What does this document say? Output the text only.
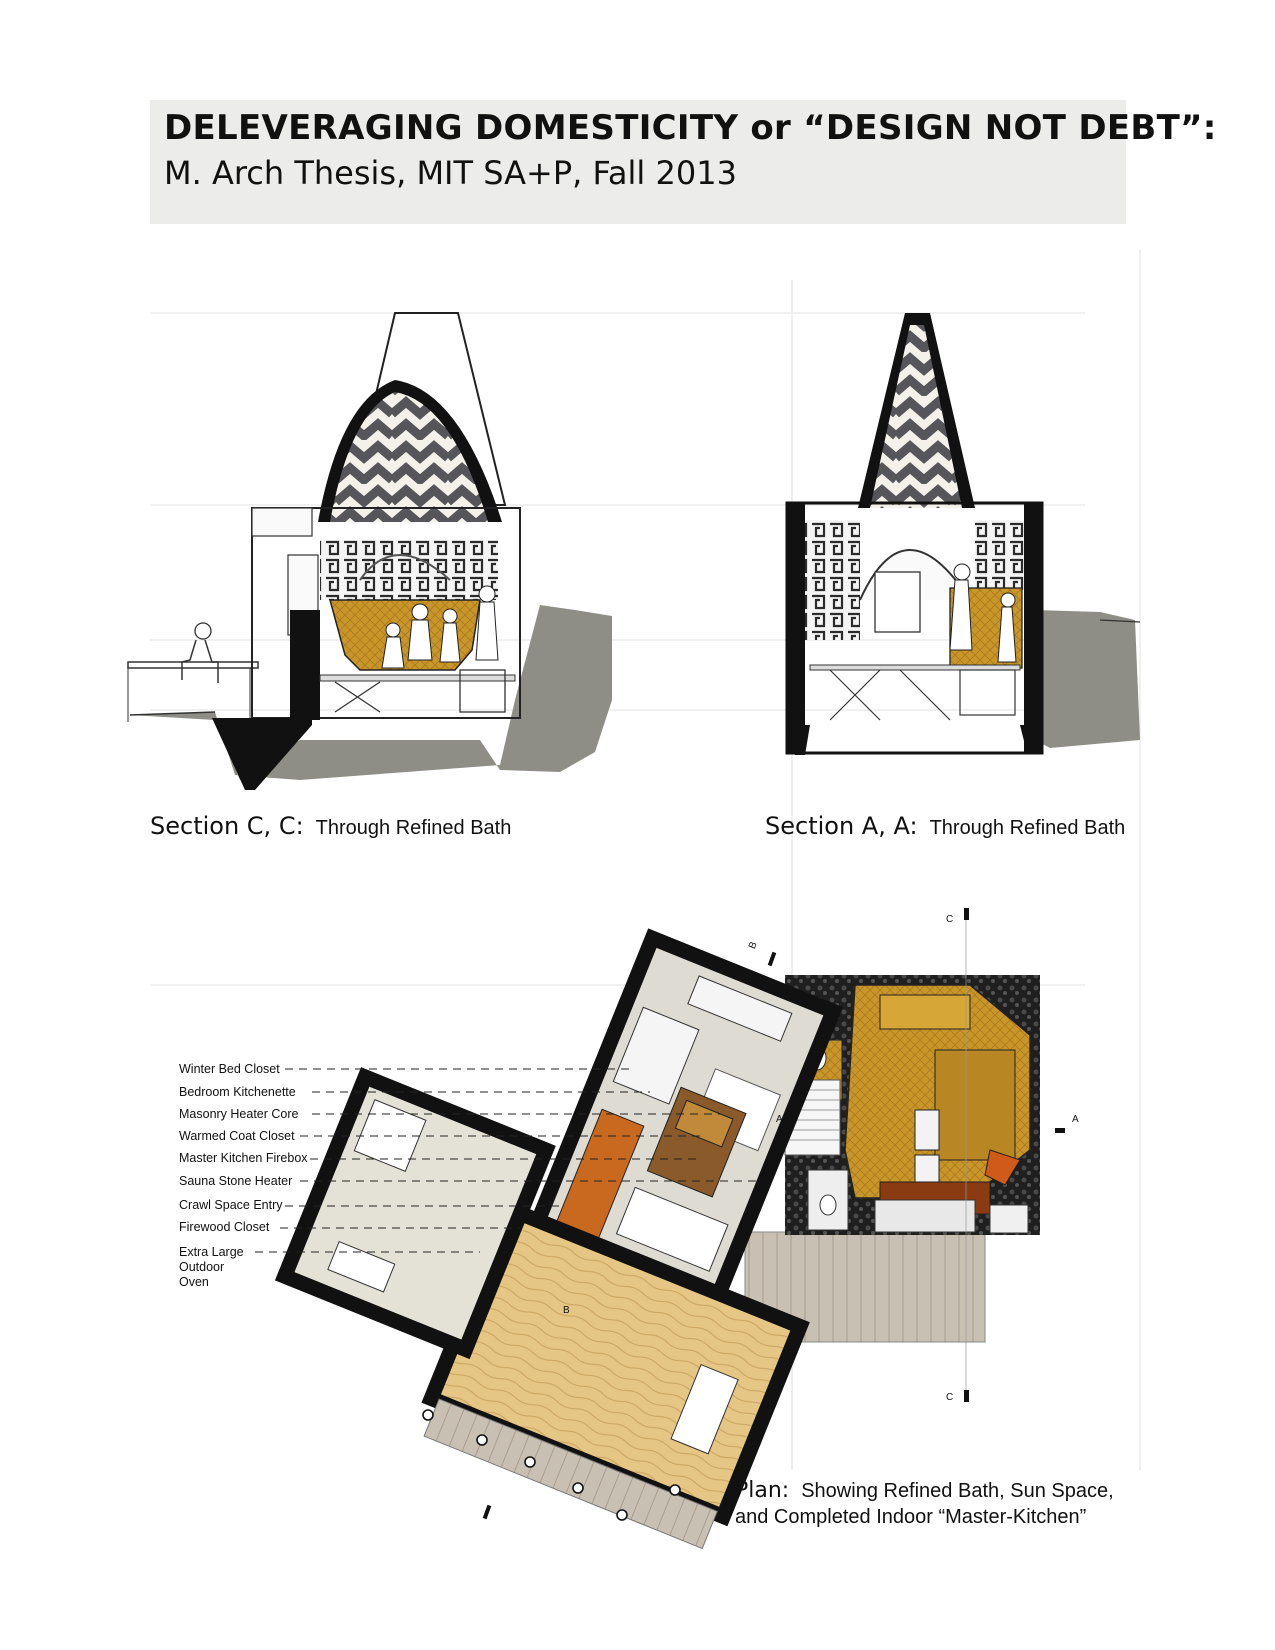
DELEVERAGING DOMESTICITY or “DESIGN NOT DEBT”:
M. Arch Thesis, MIT SA+P, Fall 2013
C
C
A	A
B
B
Section C, C: Through Refined Bath	Section A, A: Through Refined Bath
Winter Bed Closet
Bedroom Kitchenette
Masonry Heater Core
Warmed Coat Closet
Master Kitchen Firebox
Sauna Stone Heater
Crawl Space Entry
Firewood Closet
Extra Large
Outdoor
Oven
Plan: Showing Refined Bath, Sun Space,
and Completed Indoor “Master-Kitchen”
